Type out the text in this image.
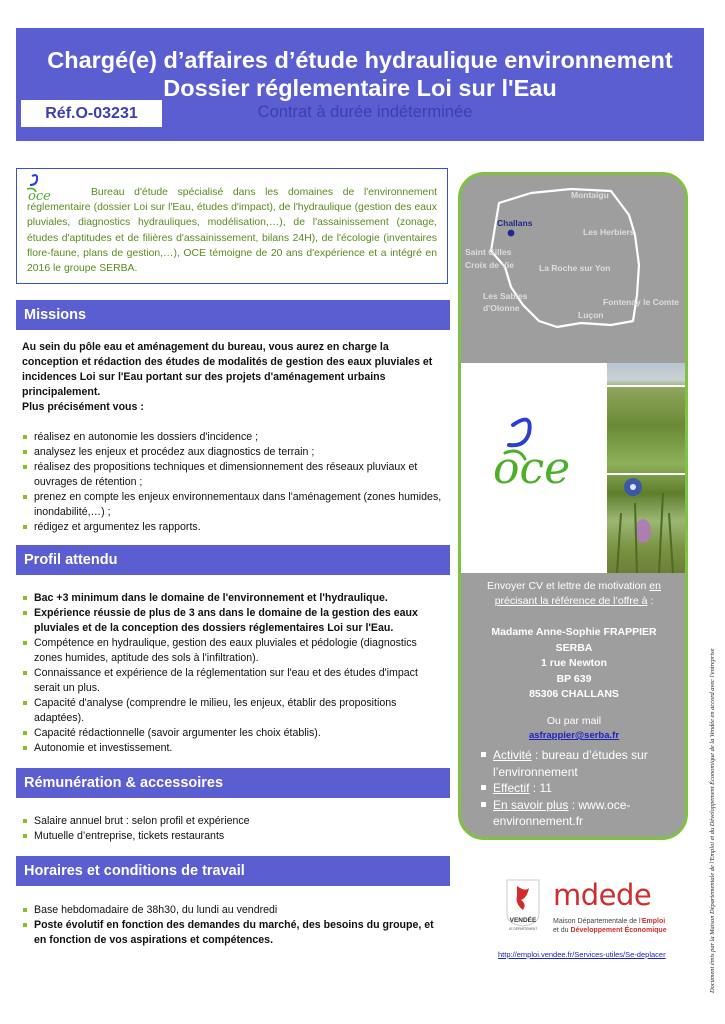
Chargé(e) d’affaires d’étude hydraulique environnement
Dossier réglementaire Loi sur l'Eau
Réf.O-03231	Contrat à durée indéterminée
oce	Bureau d'étude spécialisé dans les domaines de l'environnement réglementaire (dossier Loi sur l'Eau, études d'impact), de l'hydraulique (gestion des eaux pluviales, diagnostics hydrauliques, modélisation,…), de l'assainissement (zonage, études d'aptitudes et de filières d'assainissement, bilans 24H), de l'écologie (inventaires flore-faune, plans de gestion,…), OCE témoigne de 20 ans d'expérience et a intégré en 2016 le groupe SERBA.

Missions
Au sein du pôle eau et aménagement du bureau, vous aurez en charge la conception et rédaction des études de modalités de gestion des eaux pluviales et incidences Loi sur l'Eau portant sur des projets d'aménagement urbains principalement.
Plus précisément vous :
réalisez en autonomie les dossiers d'incidence ;
analysez les enjeux et procédez aux diagnostics de terrain ;
réalisez des propositions techniques et dimensionnement des réseaux pluviaux et ouvrages de rétention ;
prenez en compte les enjeux environnementaux dans l'aménagement (zones humides, inondabilité,…) ;
rédigez et argumentez les rapports.
Profil attendu
Bac +3 minimum dans le domaine de l'environnement et l'hydraulique.
Expérience réussie de plus de 3 ans dans le domaine de la gestion des eaux pluviales et de la conception des dossiers réglementaires Loi sur l'Eau.
Compétence en hydraulique, gestion des eaux pluviales et pédologie (diagnostics zones humides, aptitude des sols à l'infiltration).
Connaissance et expérience de la réglementation sur l'eau et des études d'impact serait un plus.
Capacité d'analyse (comprendre le milieu, les enjeux, établir des propositions adaptées).
Capacité rédactionnelle (savoir argumenter les choix établis).
Autonomie et investissement.
Rémunération & accessoires
Salaire annuel brut : selon profil et expérience
Mutuelle d’entreprise, tickets restaurants
Horaires et conditions de travail
Base hebdomadaire de 38h30, du lundi au vendredi
Poste évolutif en fonction des demandes du marché, des besoins du groupe, et en fonction de vos aspirations et compétences.
Montaigu
Challans
Les Herbiers
Saint Gilles
Croix de Vie	La Roche sur Yon
Les Sables
d'Olonne
Fontenay le Comte
Luçon
oce
Envoyer CV et lettre de motivation en
précisant la référence de l’offre à :
Madame Anne-Sophie FRAPPIER
SERBA
1 rue Newton
BP 639
85306 CHALLANS
Ou par mail
asfrappier@serba.fr
Activité : bureau d’études sur l’environnement
Effectif : 11
En savoir plus : www.oce-environnement.fr
VENDÉE
LE DÉPARTEMENT
mdede
Maison Départementale de l'Emploi
et du Développement Économique
http://emploi.vendee.fr/Services-utiles/Se-deplacer	Document émis par la Maison Départementale de l'Emploi et du Développement Économique de la Vendée en accord avec l'entreprise
